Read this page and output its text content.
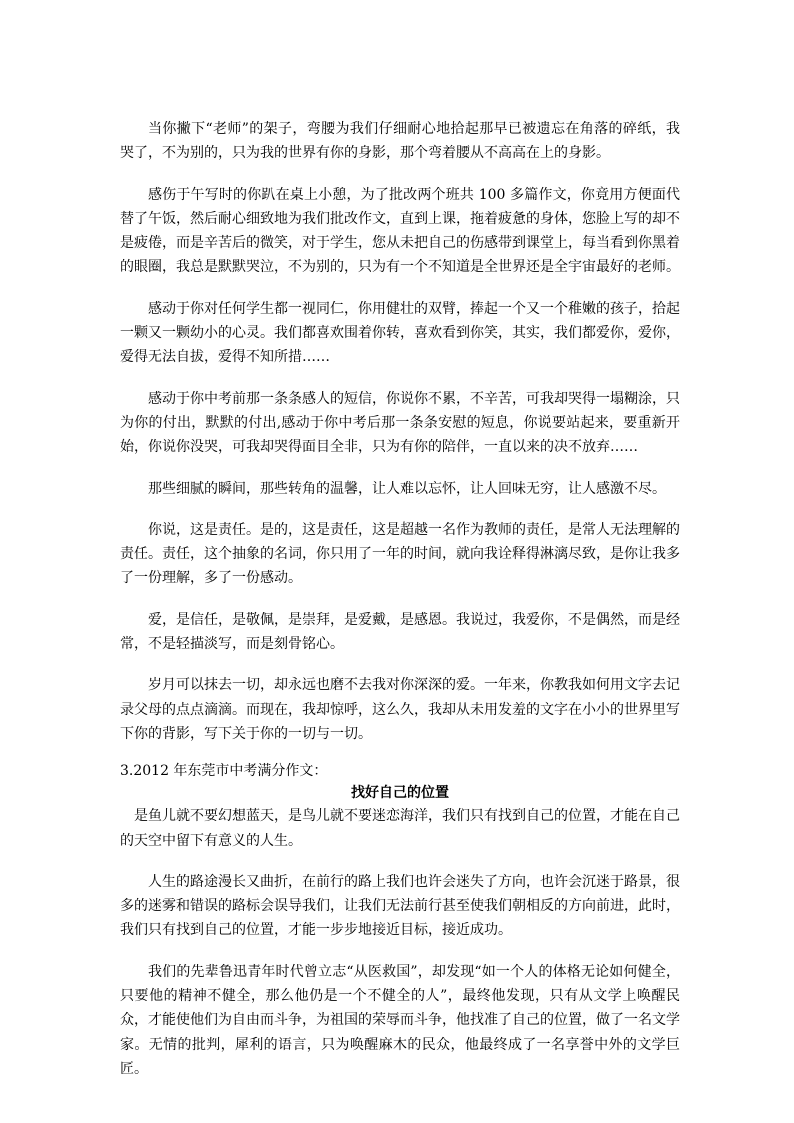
当你撇下“老师”的架子，弯腰为我们仔细耐心地拾起那早已被遗忘在角落的碎纸，我哭了，不为别的，只为我的世界有你的身影，那个弯着腰从不高高在上的身影。

感伤于午写时的你趴在桌上小憩，为了批改两个班共 100 多篇作文，你竟用方便面代替了午饭，然后耐心细致地为我们批改作文，直到上课，拖着疲惫的身体，您脸上写的却不是疲倦，而是辛苦后的微笑，对于学生，您从未把自己的伤感带到课堂上，每当看到你黑着的眼圈，我总是默默哭泣，不为别的，只为有一个不知道是全世界还是全宇宙最好的老师。

感动于你对任何学生都一视同仁，你用健壮的双臂，捧起一个又一个稚嫩的孩子，拾起一颗又一颗幼小的心灵。我们都喜欢围着你转，喜欢看到你笑，其实，我们都爱你，爱你，爱得无法自拔，爱得不知所措……

感动于你中考前那一条条感人的短信，你说你不累，不辛苦，可我却哭得一塌糊涂，只为你的付出，默默的付出,感动于你中考后那一条条安慰的短息，你说要站起来，要重新开始，你说你没哭，可我却哭得面目全非，只为有你的陪伴，一直以来的决不放弃……

那些细腻的瞬间，那些转角的温馨，让人难以忘怀，让人回味无穷，让人感激不尽。

你说，这是责任。是的，这是责任，这是超越一名作为教师的责任，是常人无法理解的责任。责任，这个抽象的名词，你只用了一年的时间，就向我诠释得淋漓尽致，是你让我多了一份理解，多了一份感动。

爱，是信任，是敬佩，是崇拜，是爱戴，是感恩。我说过，我爱你，不是偶然，而是经常，不是轻描淡写，而是刻骨铭心。

岁月可以抹去一切，却永远也磨不去我对你深深的爱。一年来，你教我如何用文字去记录父母的点点滴滴。而现在，我却惊呼，这么久，我却从未用发羞的文字在小小的世界里写下你的背影，写下关于你的一切与一切。

3.2012 年东莞市中考满分作文：

找好自己的位置

是鱼儿就不要幻想蓝天，是鸟儿就不要迷恋海洋，我们只有找到自己的位置，才能在自己的天空中留下有意义的人生。

人生的路途漫长又曲折，在前行的路上我们也许会迷失了方向，也许会沉迷于路景，很多的迷雾和错误的路标会误导我们，让我们无法前行甚至使我们朝相反的方向前进，此时，我们只有找到自己的位置，才能一步步地接近目标，接近成功。

我们的先辈鲁迅青年时代曾立志“从医救国”，却发现“如一个人的体格无论如何健全，只要他的精神不健全，那么他仍是一个不健全的人”，最终他发现，只有从文学上唤醒民众，才能使他们为自由而斗争，为祖国的荣辱而斗争，他找准了自己的位置，做了一名文学家。无情的批判，犀利的语言，只为唤醒麻木的民众，他最终成了一名享誉中外的文学巨匠。
